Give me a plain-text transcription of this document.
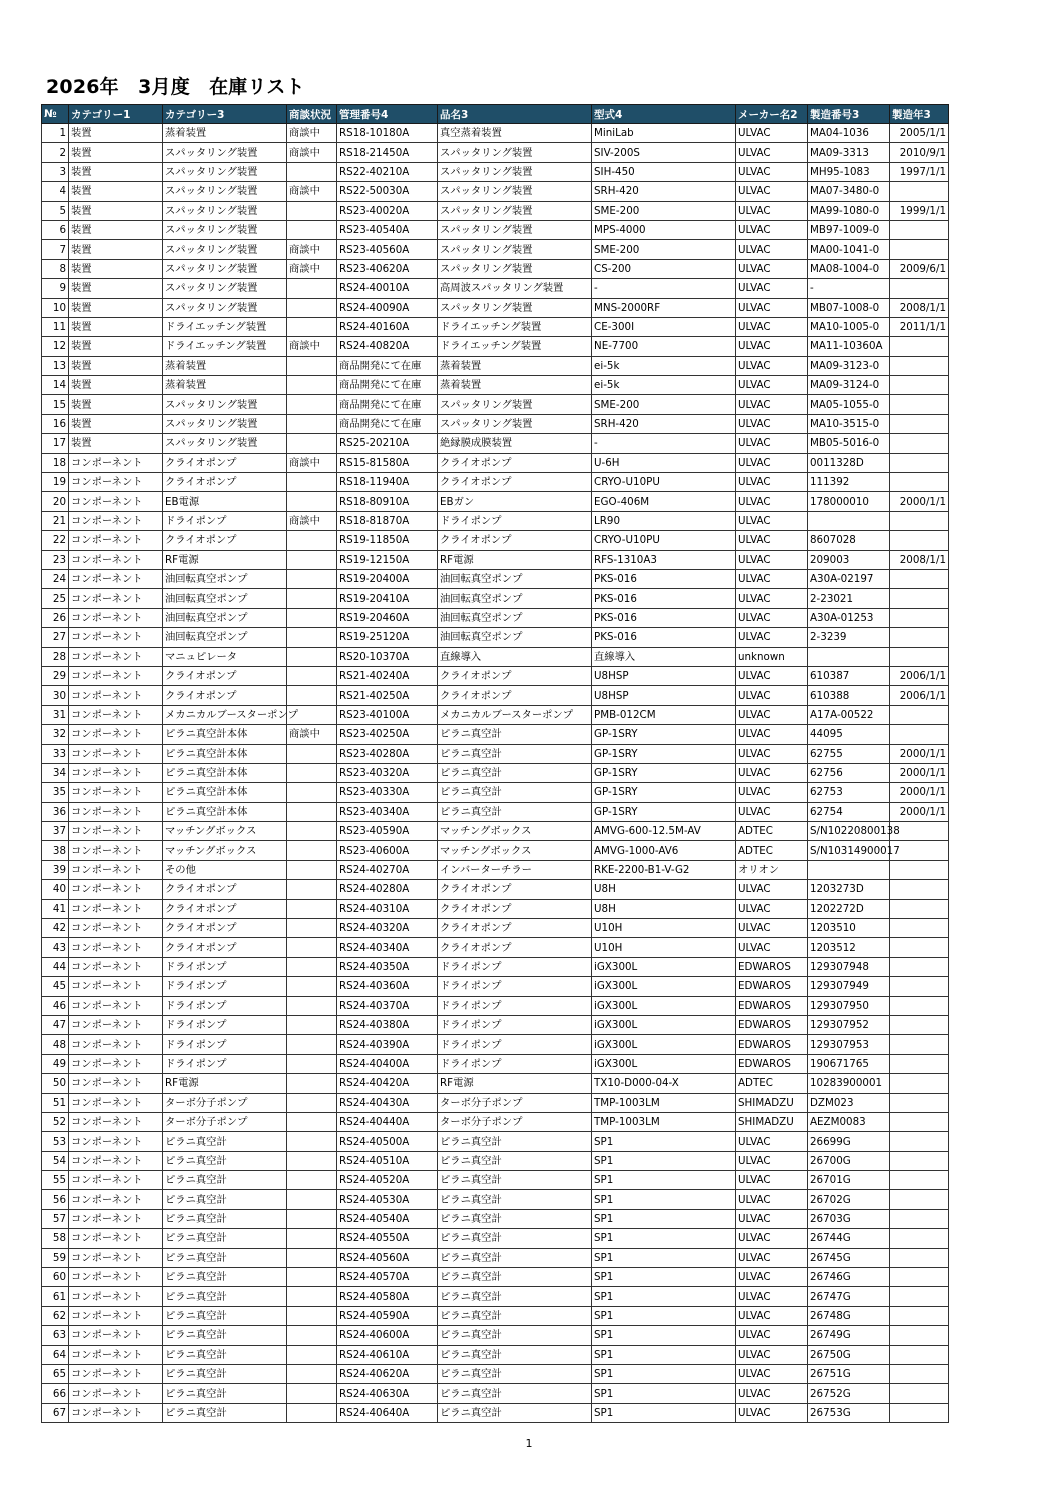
2026年　3月度　在庫リスト
№	カテゴリー1	カテゴリー3	商談状況	管理番号4	品名3	型式4	メーカー名2	製造番号3	製造年3
1	装置	蒸着装置	商談中	RS18-10180A	真空蒸着装置	MiniLab	ULVAC	MA04-1036	2005/1/1
2	装置	スパッタリング装置	商談中	RS18-21450A	スパッタリング装置	SIV-200S	ULVAC	MA09-3313	2010/9/1
3	装置	スパッタリング装置		RS22-40210A	スパッタリング装置	SIH-450	ULVAC	MH95-1083	1997/1/1
4	装置	スパッタリング装置	商談中	RS22-50030A	スパッタリング装置	SRH-420	ULVAC	MA07-3480-0	
5	装置	スパッタリング装置		RS23-40020A	スパッタリング装置	SME-200	ULVAC	MA99-1080-0	1999/1/1
6	装置	スパッタリング装置		RS23-40540A	スパッタリング装置	MPS-4000	ULVAC	MB97-1009-0	
7	装置	スパッタリング装置	商談中	RS23-40560A	スパッタリング装置	SME-200	ULVAC	MA00-1041-0	
8	装置	スパッタリング装置	商談中	RS23-40620A	スパッタリング装置	CS-200	ULVAC	MA08-1004-0	2009/6/1
9	装置	スパッタリング装置		RS24-40010A	高周波スパッタリング装置	-	ULVAC	-	
10	装置	スパッタリング装置		RS24-40090A	スパッタリング装置	MNS-2000RF	ULVAC	MB07-1008-0	2008/1/1
11	装置	ドライエッチング装置		RS24-40160A	ドライエッチング装置	CE-300I	ULVAC	MA10-1005-0	2011/1/1
12	装置	ドライエッチング装置	商談中	RS24-40820A	ドライエッチング装置	NE-7700	ULVAC	MA11-10360A	
13	装置	蒸着装置		商品開発にて在庫	蒸着装置	ei-5k	ULVAC	MA09-3123-0	
14	装置	蒸着装置		商品開発にて在庫	蒸着装置	ei-5k	ULVAC	MA09-3124-0	
15	装置	スパッタリング装置		商品開発にて在庫	スパッタリング装置	SME-200	ULVAC	MA05-1055-0	
16	装置	スパッタリング装置		商品開発にて在庫	スパッタリング装置	SRH-420	ULVAC	MA10-3515-0	
17	装置	スパッタリング装置		RS25-20210A	絶縁膜成膜装置	-	ULVAC	MB05-5016-0	
18	コンポーネント	クライオポンプ	商談中	RS15-81580A	クライオポンプ	U-6H	ULVAC	0011328D	
19	コンポーネント	クライオポンプ		RS18-11940A	クライオポンプ	CRYO-U10PU	ULVAC	111392	
20	コンポーネント	EB電源		RS18-80910A	EBガン	EGO-406M	ULVAC	178000010	2000/1/1
21	コンポーネント	ドライポンプ	商談中	RS18-81870A	ドライポンプ	LR90	ULVAC		
22	コンポーネント	クライオポンプ		RS19-11850A	クライオポンプ	CRYO-U10PU	ULVAC	8607028	
23	コンポーネント	RF電源		RS19-12150A	RF電源	RFS-1310A3	ULVAC	209003	2008/1/1
24	コンポーネント	油回転真空ポンプ		RS19-20400A	油回転真空ポンプ	PKS-016	ULVAC	A30A-02197	
25	コンポーネント	油回転真空ポンプ		RS19-20410A	油回転真空ポンプ	PKS-016	ULVAC	2-23021	
26	コンポーネント	油回転真空ポンプ		RS19-20460A	油回転真空ポンプ	PKS-016	ULVAC	A30A-01253	
27	コンポーネント	油回転真空ポンプ		RS19-25120A	油回転真空ポンプ	PKS-016	ULVAC	2-3239	
28	コンポーネント	マニュピレータ		RS20-10370A	直線導入	直線導入	unknown		
29	コンポーネント	クライオポンプ		RS21-40240A	クライオポンプ	U8HSP	ULVAC	610387	2006/1/1
30	コンポーネント	クライオポンプ		RS21-40250A	クライオポンプ	U8HSP	ULVAC	610388	2006/1/1
31	コンポーネント	メカニカルブースターポンプ		RS23-40100A	メカニカルブースターポンプ	PMB-012CM	ULVAC	A17A-00522	
32	コンポーネント	ピラニ真空計本体	商談中	RS23-40250A	ピラニ真空計	GP-1SRY	ULVAC	44095	
33	コンポーネント	ピラニ真空計本体		RS23-40280A	ピラニ真空計	GP-1SRY	ULVAC	62755	2000/1/1
34	コンポーネント	ピラニ真空計本体		RS23-40320A	ピラニ真空計	GP-1SRY	ULVAC	62756	2000/1/1
35	コンポーネント	ピラニ真空計本体		RS23-40330A	ピラニ真空計	GP-1SRY	ULVAC	62753	2000/1/1
36	コンポーネント	ピラニ真空計本体		RS23-40340A	ピラニ真空計	GP-1SRY	ULVAC	62754	2000/1/1
37	コンポーネント	マッチングボックス		RS23-40590A	マッチングボックス	AMVG-600-12.5M-AV	ADTEC	S/N10220800138	
38	コンポーネント	マッチングボックス		RS23-40600A	マッチングボックス	AMVG-1000-AV6	ADTEC	S/N10314900017	
39	コンポーネント	その他		RS24-40270A	インバーターチラー	RKE-2200-B1-V-G2	オリオン		
40	コンポーネント	クライオポンプ		RS24-40280A	クライオポンプ	U8H	ULVAC	1203273D	
41	コンポーネント	クライオポンプ		RS24-40310A	クライオポンプ	U8H	ULVAC	1202272D	
42	コンポーネント	クライオポンプ		RS24-40320A	クライオポンプ	U10H	ULVAC	1203510	
43	コンポーネント	クライオポンプ		RS24-40340A	クライオポンプ	U10H	ULVAC	1203512	
44	コンポーネント	ドライポンプ		RS24-40350A	ドライポンプ	iGX300L	EDWAROS	129307948	
45	コンポーネント	ドライポンプ		RS24-40360A	ドライポンプ	iGX300L	EDWAROS	129307949	
46	コンポーネント	ドライポンプ		RS24-40370A	ドライポンプ	iGX300L	EDWAROS	129307950	
47	コンポーネント	ドライポンプ		RS24-40380A	ドライポンプ	iGX300L	EDWAROS	129307952	
48	コンポーネント	ドライポンプ		RS24-40390A	ドライポンプ	iGX300L	EDWAROS	129307953	
49	コンポーネント	ドライポンプ		RS24-40400A	ドライポンプ	iGX300L	EDWAROS	190671765	
50	コンポーネント	RF電源		RS24-40420A	RF電源	TX10-D000-04-X	ADTEC	10283900001	
51	コンポーネント	ターボ分子ポンプ		RS24-40430A	ターボ分子ポンプ	TMP-1003LM	SHIMADZU	DZM023	
52	コンポーネント	ターボ分子ポンプ		RS24-40440A	ターボ分子ポンプ	TMP-1003LM	SHIMADZU	AEZM0083	
53	コンポーネント	ピラニ真空計		RS24-40500A	ピラニ真空計	SP1	ULVAC	26699G	
54	コンポーネント	ピラニ真空計		RS24-40510A	ピラニ真空計	SP1	ULVAC	26700G	
55	コンポーネント	ピラニ真空計		RS24-40520A	ピラニ真空計	SP1	ULVAC	26701G	
56	コンポーネント	ピラニ真空計		RS24-40530A	ピラニ真空計	SP1	ULVAC	26702G	
57	コンポーネント	ピラニ真空計		RS24-40540A	ピラニ真空計	SP1	ULVAC	26703G	
58	コンポーネント	ピラニ真空計		RS24-40550A	ピラニ真空計	SP1	ULVAC	26744G	
59	コンポーネント	ピラニ真空計		RS24-40560A	ピラニ真空計	SP1	ULVAC	26745G	
60	コンポーネント	ピラニ真空計		RS24-40570A	ピラニ真空計	SP1	ULVAC	26746G	
61	コンポーネント	ピラニ真空計		RS24-40580A	ピラニ真空計	SP1	ULVAC	26747G	
62	コンポーネント	ピラニ真空計		RS24-40590A	ピラニ真空計	SP1	ULVAC	26748G	
63	コンポーネント	ピラニ真空計		RS24-40600A	ピラニ真空計	SP1	ULVAC	26749G	
64	コンポーネント	ピラニ真空計		RS24-40610A	ピラニ真空計	SP1	ULVAC	26750G	
65	コンポーネント	ピラニ真空計		RS24-40620A	ピラニ真空計	SP1	ULVAC	26751G	
66	コンポーネント	ピラニ真空計		RS24-40630A	ピラニ真空計	SP1	ULVAC	26752G	
67	コンポーネント	ピラニ真空計		RS24-40640A	ピラニ真空計	SP1	ULVAC	26753G	
1
